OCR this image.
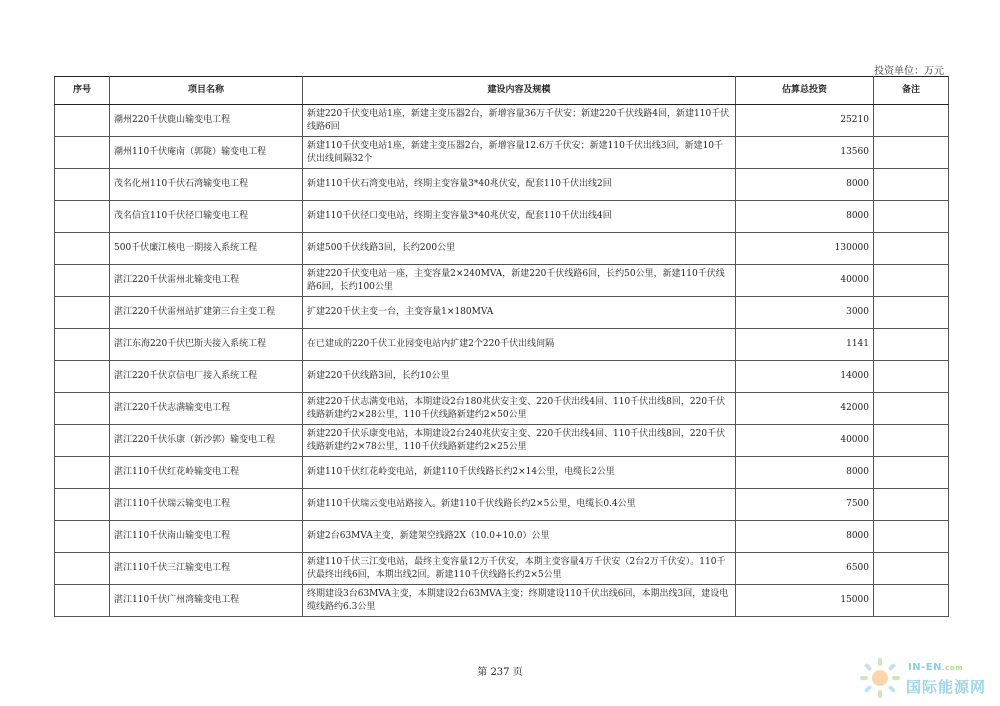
投资单位：万元
序号	项目名称	建设内容及规模	估算总投资	备注
	潮州220千伏鹿山输变电工程	新建220千伏变电站1座，新建主变压器2台，新增容量36万千伏安；新建220千伏线路4回，新建110千伏线路6回	25210	
	潮州110千伏庵南（郭陇）输变电工程	新建110千伏变电站1座，新建主变压器2台，新增容量12.6万千伏安；新建110千伏出线3回，新建10千伏出线间隔32个	13560	
	茂名化州110千伏石湾输变电工程	新建110千伏石湾变电站，终期主变容量3*40兆伏安，配套110千伏出线2回	8000	
	茂名信宜110千伏径口输变电工程	新建110千伏径口变电站，终期主变容量3*40兆伏安，配套110千伏出线4回	8000	
	500千伏廉江核电一期接入系统工程	新建500千伏线路3回，长约200公里	130000	
	湛江220千伏雷州北输变电工程	新建220千伏变电站一座，主变容量2×240MVA，新建220千伏线路6回，长约50公里，新建110千伏线路6回，长约100公里	40000	
	湛江220千伏雷州站扩建第三台主变工程	扩建220千伏主变一台，主变容量1×180MVA	3000	
	湛江东海220千伏巴斯夫接入系统工程	在已建成的220千伏工业园变电站内扩建2个220千伏出线间隔	1141	
	湛江220千伏京信电厂接入系统工程	新建220千伏线路3回，长约10公里	14000	
	湛江220千伏志满输变电工程	新建220千伏志满变电站，本期建设2台180兆伏安主变、220千伏出线4回、110千伏出线8回，220千伏线路新建约2×28公里，110千伏线路新建约2×50公里	42000	
	湛江220千伏乐康（新沙郭）输变电工程	新建220千伏乐康变电站，本期建设2台240兆伏安主变、220千伏出线4回、110千伏出线8回，220千伏线路新建约2×78公里，110千伏线路新建约2×25公里	40000	
	湛江110千伏红花岭输变电工程	新建110千伏红花岭变电站，新建110千伏线路长约2×14公里，电缆长2公里	8000	
	湛江110千伏瑞云输变电工程	新建110千伏瑞云变电站路接入。新建110千伏线路长约2×5公里，电缆长0.4公里	7500	
	湛江110千伏南山输变电工程	新建2台63MVA主变，新建架空线路2X（10.0+10.0）公里	8000	
	湛江110千伏三江输变电工程	新建110千伏三江变电站，最终主变容量12万千伏安，本期主变容量4万千伏安（2台2万千伏安）。110千伏最终出线6回，本期出线2回。新建110千伏线路长约2×5公里	6500	
	湛江110千伏广州湾输变电工程	终期建设3台63MVA主变，本期建设2台63MVA主变；终期建设110千伏出线6回，本期出线3回，建设电缆线路约6.3公里	15000	
第 237 页	IN-EN.com
国际能源网
